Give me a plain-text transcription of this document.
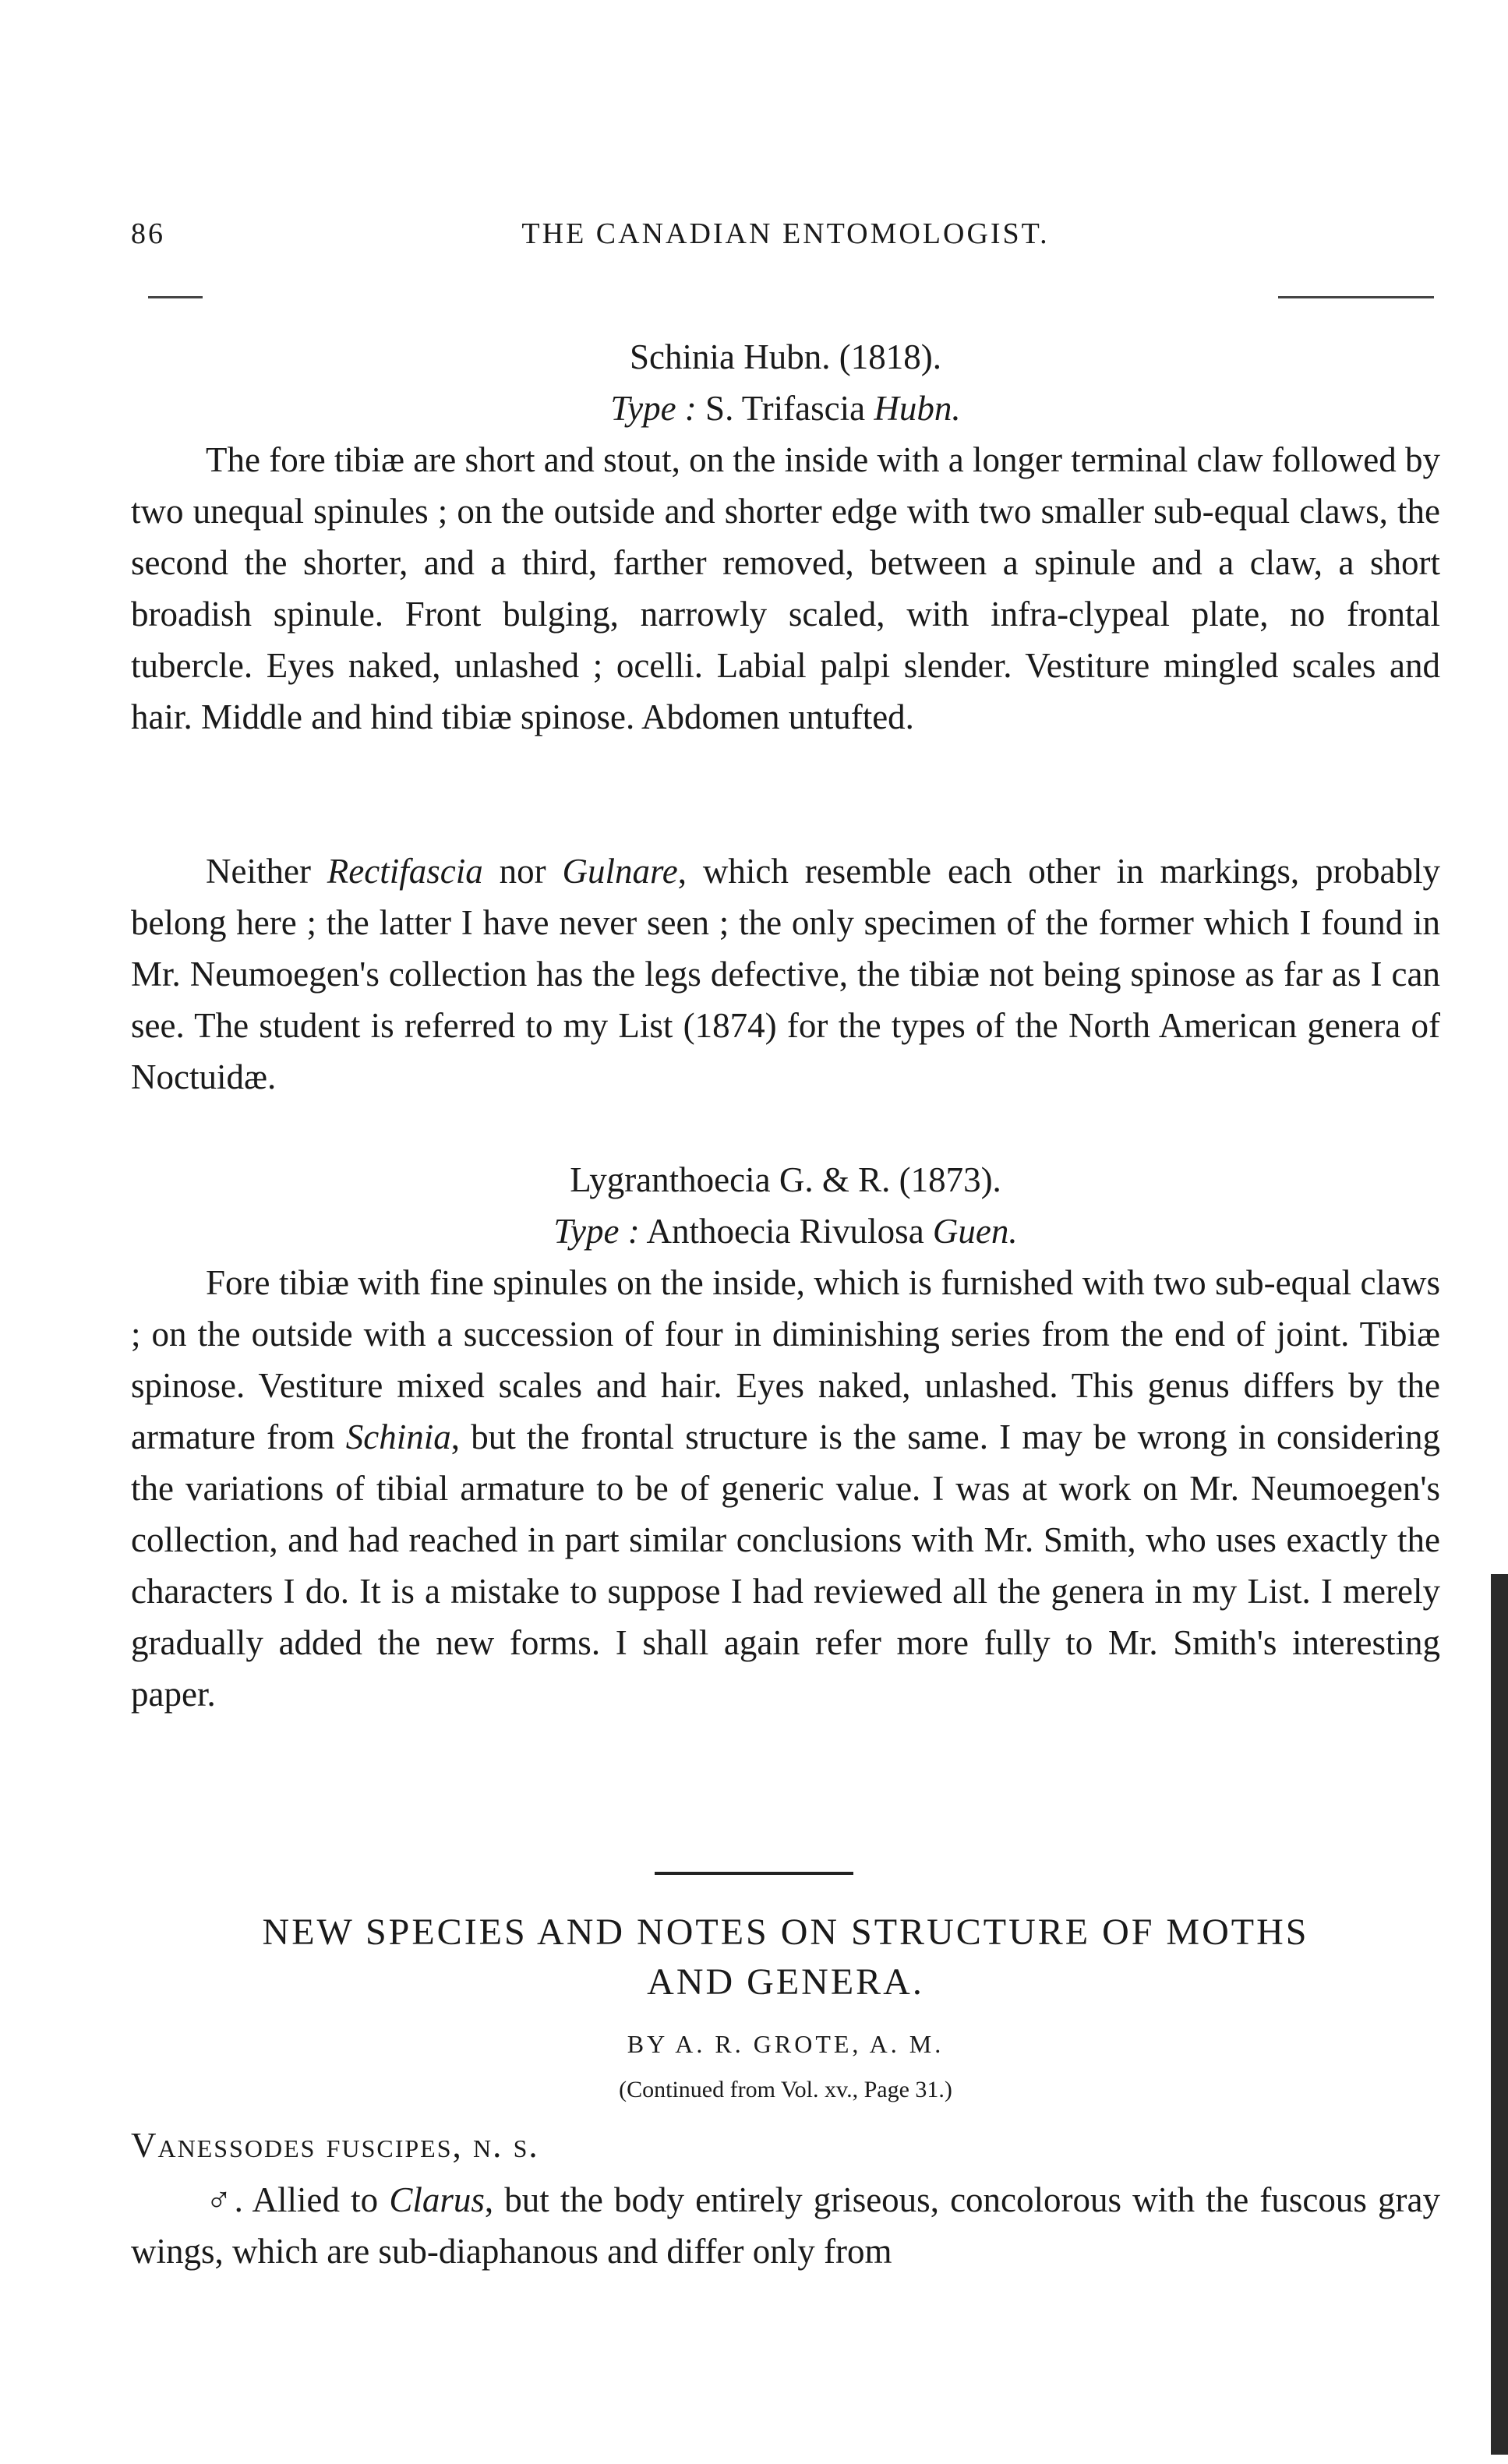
86	THE CANADIAN ENTOMOLOGIST.
Schinia Hubn. (1818).
Type : S. Trifascia Hubn.

The fore tibiæ are short and stout, on the inside with a longer terminal claw followed by two unequal spinules ; on the outside and shorter edge with two smaller sub-equal claws, the second the shorter, and a third, farther removed, between a spinule and a claw, a short broadish spinule. Front bulging, narrowly scaled, with infra-clypeal plate, no frontal tubercle. Eyes naked, unlashed ; ocelli. Labial palpi slender. Vestiture mingled scales and hair. Middle and hind tibiæ spinose. Abdomen untufted.

Neither Rectifascia nor Gulnare, which resemble each other in markings, probably belong here ; the latter I have never seen ; the only specimen of the former which I found in Mr. Neumoegen's collection has the legs defective, the tibiæ not being spinose as far as I can see. The student is referred to my List (1874) for the types of the North American genera of Noctuidæ.

Lygranthoecia G. & R. (1873).
Type : Anthoecia Rivulosa Guen.

Fore tibiæ with fine spinules on the inside, which is furnished with two sub-equal claws ; on the outside with a succession of four in diminishing series from the end of joint. Tibiæ spinose. Vestiture mixed scales and hair. Eyes naked, unlashed. This genus differs by the armature from Schinia, but the frontal structure is the same. I may be wrong in considering the variations of tibial armature to be of generic value. I was at work on Mr. Neumoegen's collection, and had reached in part similar conclusions with Mr. Smith, who uses exactly the characters I do. It is a mistake to suppose I had reviewed all the genera in my List. I merely gradually added the new forms. I shall again refer more fully to Mr. Smith's interesting paper.

NEW SPECIES AND NOTES ON STRUCTURE OF MOTHS
AND GENERA.
BY A. R. GROTE, A. M.
(Continued from Vol. xv., Page 31.)

Vanessodes fuscipes, n. s.

♂. Allied to Clarus, but the body entirely griseous, concolorous with the fuscous gray wings, which are sub-diaphanous and differ only from
